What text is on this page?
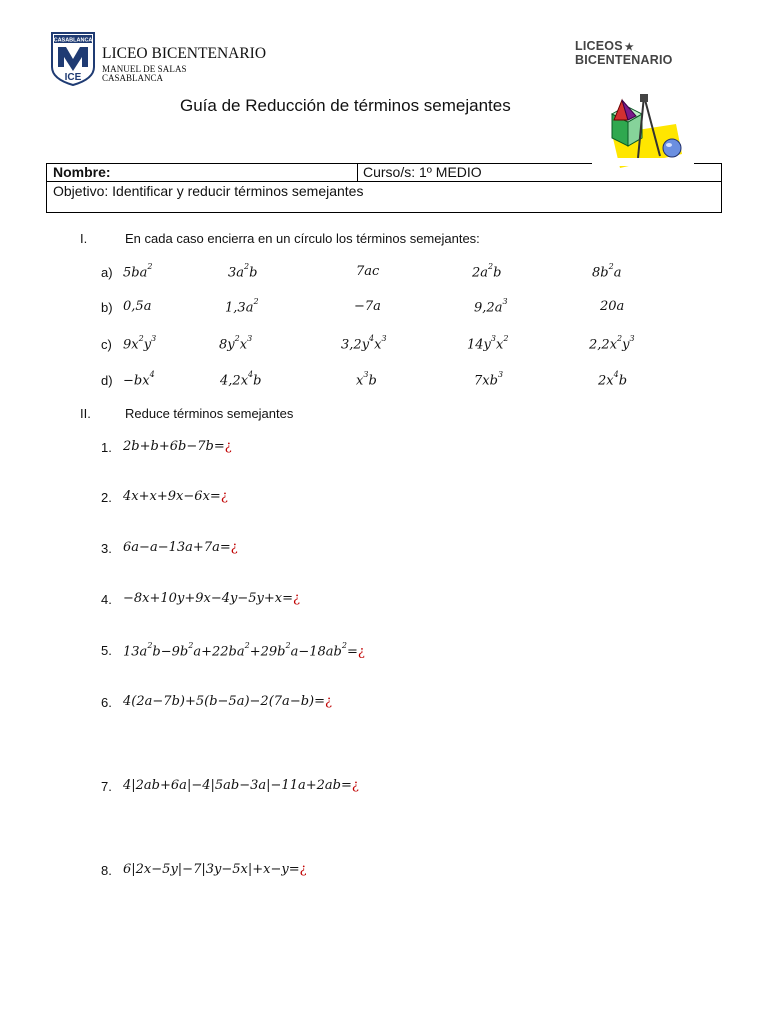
CASABLANCA
ICE
LICEO BICENTENARIO
MANUEL DE SALAS
CASABLANCA
LICEOS ★
BICENTENARIO
Guía de Reducción de términos semejantes
Nombre:	Curso/s: 1º MEDIO
Objetivo: Identificar y reducir términos semejantes
I.	En cada caso encierra en un círculo los términos semejantes:
a) $5ba^2$	$3a^2b$	7ac	$2a^2b$	$8b^2a$
b) 0,5a	$1,3a^2$	−7a	$9,2a^3$	20a
c) $9x^2y^3$	$8y^2x^3$	$3,2y^4x^3$	$14y^3x^2$	$2,2x^2y^3$
$d) -bx^4$	$4,2x^4b$	$x^3b$	$7xb^3$	$2x^4b$
II.	Reduce términos semejantes
1. 2b+b+6b−7b=¿
2. 4x+x+9x−6x=¿
3. 6a−a−13a+7a=¿
4. −8x+10y+9x−4y−5y+x=¿
5. $13a^2b-9b^2a+22ba^2+29b^2a-18ab^2=¿$
6. 4(2a−7b)+5(b−5a)−2(7a−b)=¿
7. 4|2ab+6a|−4|5ab−3a|−11a+2ab=¿
8. 6|2x−5y|−7|3y−5x|+x−y=¿
